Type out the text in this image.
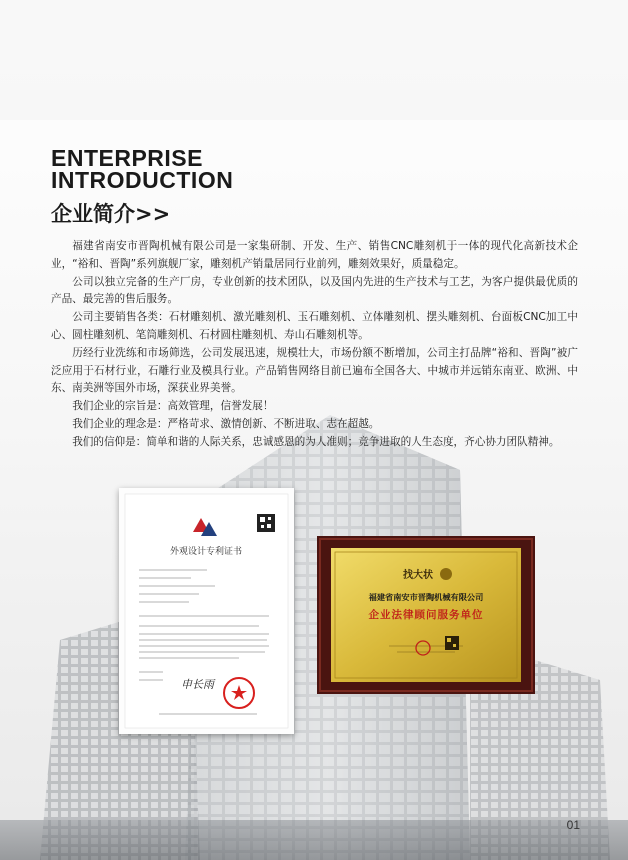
ENTERPRISE
INTRODUCTION
企业简介>>

福建省南安市晋陶机械有限公司是一家集研制、开发、生产、销售CNC雕刻机于一体的现代化高新技术企业，“裕和、晋陶”系列旗舰厂家，雕刻机产销量居同行业前列，雕刻效果好，质量稳定。

公司以独立完备的生产厂房，专业创新的技术团队，以及国内先进的生产技术与工艺，为客户提供最优质的产品、最完善的售后服务。

公司主要销售各类：石材雕刻机、激光雕刻机、玉石雕刻机、立体雕刻机、摆头雕刻机、台面板CNC加工中心、圆柱雕刻机、笔筒雕刻机、石材圆柱雕刻机、寿山石雕刻机等。

历经行业洗练和市场筛选，公司发展迅速，规模壮大，市场份额不断增加，公司主打品牌“裕和、晋陶”被广泛应用于石材行业，石雕行业及模具行业。产品销售网络目前已遍布全国各大、中城市并远销东南亚、欧洲、中东、南美洲等国外市场，深获业界美誉。

我们企业的宗旨是：高效管理，信誉发展！

我们企业的理念是：严格苛求、激情创新、不断进取、志在超越。

我们的信仰是：简单和谐的人际关系，忠诚感恩的为人准则；竞争进取的人生态度，齐心协力团队精神。

外观设计专利证书
申长雨
找大状
福建省南安市晋陶机械有限公司
企业法律顾问服务单位
01
